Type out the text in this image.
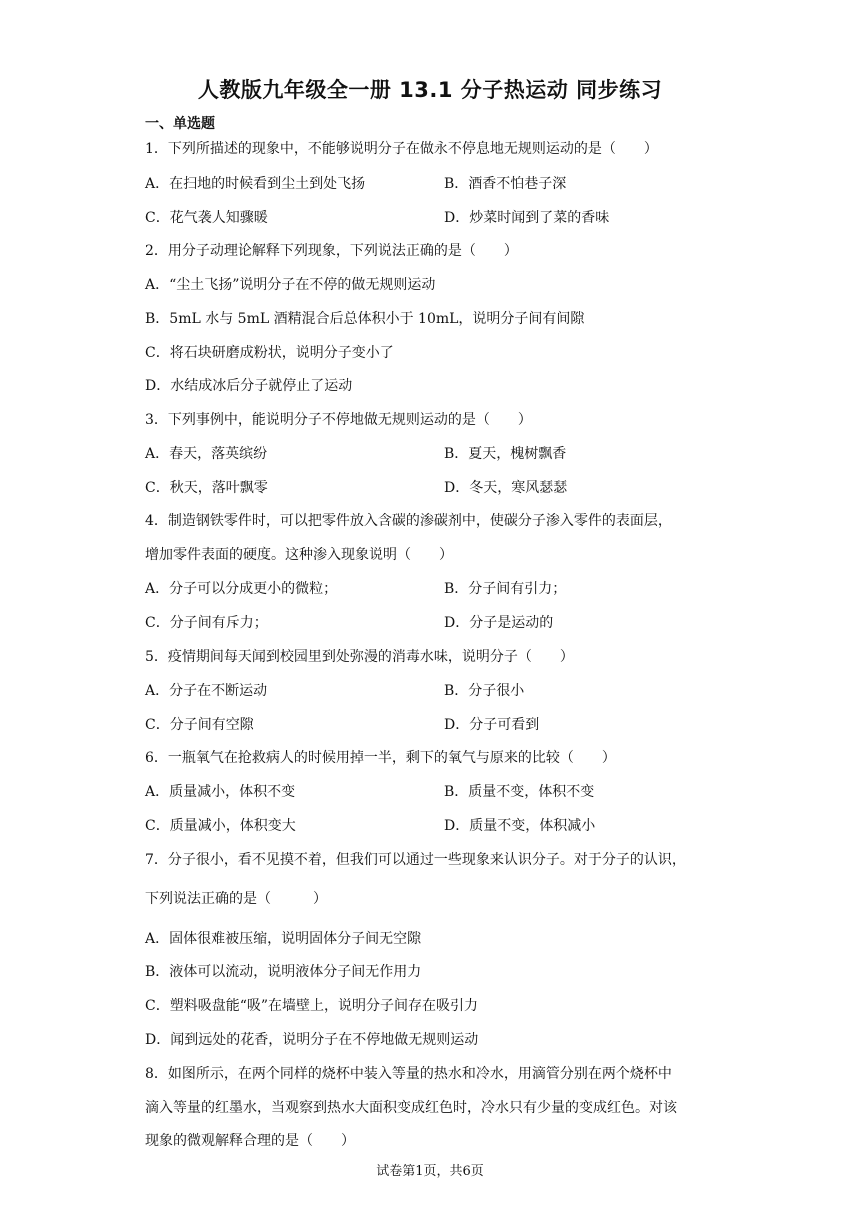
人教版九年级全一册 13.1 分子热运动 同步练习
一、单选题
1．下列所描述的现象中，不能够说明分子在做永不停息地无规则运动的是（　　）
A．在扫地的时候看到尘土到处飞扬	B．酒香不怕巷子深
C．花气袭人知骤暖	D．炒菜时闻到了菜的香味
2．用分子动理论解释下列现象，下列说法正确的是（　　）
A．“尘土飞扬”说明分子在不停的做无规则运动
B．5mL 水与 5mL 酒精混合后总体积小于 10mL，说明分子间有间隙
C．将石块研磨成粉状，说明分子变小了
D．水结成冰后分子就停止了运动
3．下列事例中，能说明分子不停地做无规则运动的是（　　）
A．春天，落英缤纷	B．夏天，槐树飘香
C．秋天，落叶飘零	D．冬天，寒风瑟瑟
4．制造钢铁零件时，可以把零件放入含碳的渗碳剂中，使碳分子渗入零件的表面层，
增加零件表面的硬度。这种渗入现象说明（　　）
A．分子可以分成更小的微粒；	B．分子间有引力；
C．分子间有斥力；	D．分子是运动的
5．疫情期间每天闻到校园里到处弥漫的消毒水味，说明分子（　　）
A．分子在不断运动	B．分子很小
C．分子间有空隙	D．分子可看到
6．一瓶氧气在抢救病人的时候用掉一半，剩下的氧气与原来的比较（　　）
A．质量减小，体积不变	B．质量不变，体积不变
C．质量减小，体积变大	D．质量不变，体积减小
7．分子很小，看不见摸不着，但我们可以通过一些现象来认识分子。对于分子的认识，
下列说法正确的是（　　　）
A．固体很难被压缩，说明固体分子间无空隙
B．液体可以流动，说明液体分子间无作用力
C．塑料吸盘能“吸”在墙壁上，说明分子间存在吸引力
D．闻到远处的花香，说明分子在不停地做无规则运动
8．如图所示，在两个同样的烧杯中装入等量的热水和冷水，用滴管分别在两个烧杯中
滴入等量的红墨水，当观察到热水大面积变成红色时，冷水只有少量的变成红色。对该
现象的微观解释合理的是（　　）
试卷第1页，共6页
